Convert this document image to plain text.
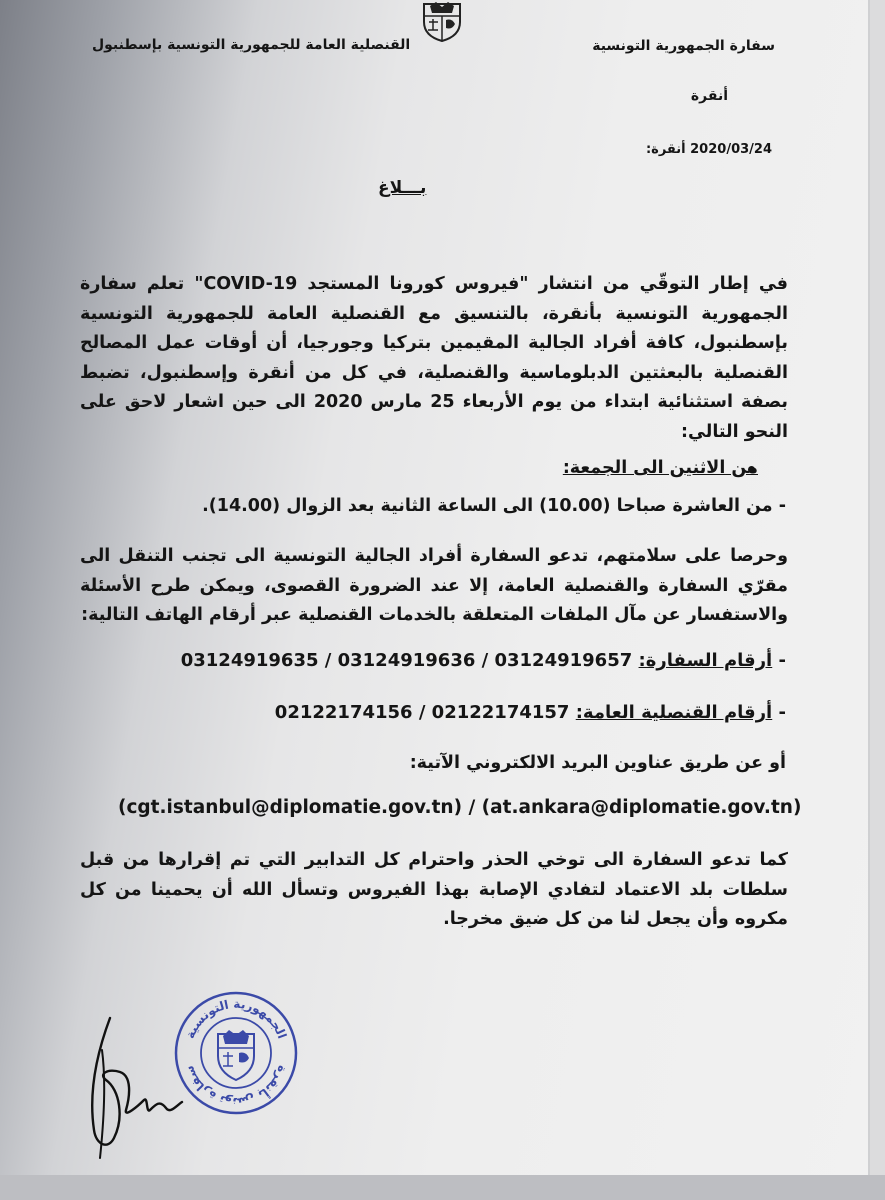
سفارة الجمهورية التونسية
أنقرة
القنصلية العامة للجمهورية التونسية بإسطنبول
أنقرة: 2020/03/24
بـــلاغ
في إطار التوقّي من انتشار "فيروس كورونا المستجد COVID-19" تعلم سفارة الجمهورية التونسية بأنقرة، بالتنسيق مع القنصلية العامة للجمهورية التونسية بإسطنبول، كافة أفراد الجالية المقيمين بتركيا وجورجيا، أن أوقات عمل المصالح القنصلية بالبعثتين الدبلوماسية والقنصلية، في كل من أنقرة وإسطنبول، تضبط بصفة استثنائية ابتداء من يوم الأربعاء 25 مارس 2020 الى حين اشعار لاحق على النحو التالي:
من الاثنين الى الجمعة:
- من العاشرة صباحا (10.00) الى الساعة الثانية بعد الزوال (14.00).
وحرصا على سلامتهم، تدعو السفارة أفراد الجالية التونسية الى تجنب التنقل الى مقرّي السفارة والقنصلية العامة، إلا عند الضرورة القصوى، ويمكن طرح الأسئلة والاستفسار عن مآل الملفات المتعلقة بالخدمات القنصلية عبر أرقام الهاتف التالية:
03124919635 / 03124919636 / 03124919657 أرقام السفارة: -
02122174156 / 02122174157 أرقام القنصلية العامة: -
أو عن طريق عناوين البريد الالكتروني الآتية:
(cgt.istanbul@diplomatie.gov.tn) / (at.ankara@diplomatie.gov.tn)
كما تدعو السفارة الى توخي الحذر واحترام كل التدابير التي تم إقرارها من قبل سلطات بلد الاعتماد لتفادي الإصابة بهذا الفيروس وتسأل الله أن يحمينا من كل مكروه وأن يجعل لنا من كل ضيق مخرجا.
الجمهورية التونسية
سفارة تونس بأنقرة
